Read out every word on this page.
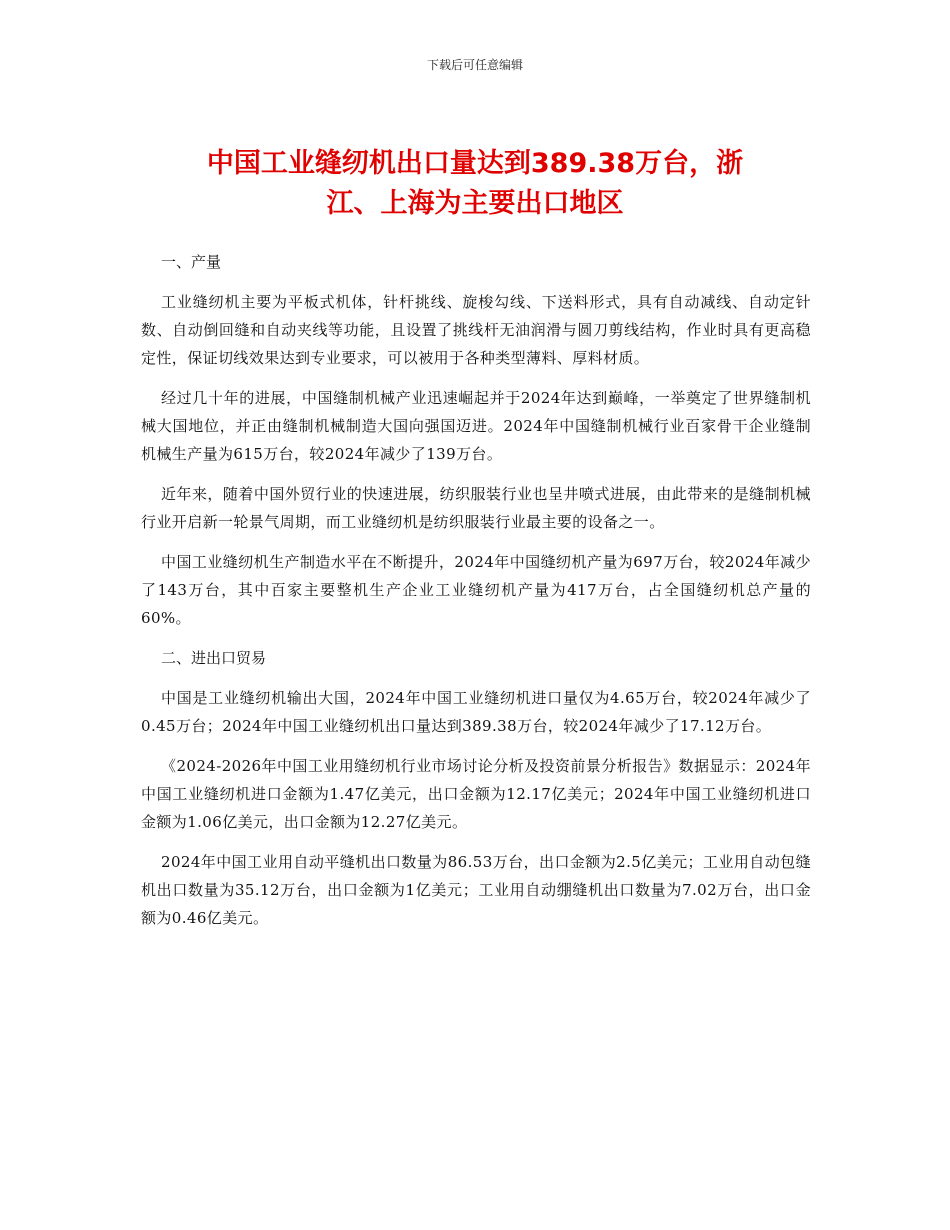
下载后可任意编辑
中国工业缝纫机出口量达到389.38万台，浙
江、上海为主要出口地区

一、产量

工业缝纫机主要为平板式机体，针杆挑线、旋梭勾线、下送料形式，具有自动减线、自动定针数、自动倒回缝和自动夹线等功能，且设置了挑线杆无油润滑与圆刀剪线结构，作业时具有更高稳定性，保证切线效果达到专业要求，可以被用于各种类型薄料、厚料材质。

经过几十年的进展，中国缝制机械产业迅速崛起并于2024年达到巅峰，一举奠定了世界缝制机械大国地位，并正由缝制机械制造大国向强国迈进。2024年中国缝制机械行业百家骨干企业缝制机械生产量为615万台，较2024年减少了139万台。

近年来，随着中国外贸行业的快速进展，纺织服装行业也呈井喷式进展，由此带来的是缝制机械行业开启新一轮景气周期，而工业缝纫机是纺织服装行业最主要的设备之一。

中国工业缝纫机生产制造水平在不断提升，2024年中国缝纫机产量为697万台，较2024年减少了143万台，其中百家主要整机生产企业工业缝纫机产量为417万台，占全国缝纫机总产量的60%。

二、进出口贸易

中国是工业缝纫机输出大国，2024年中国工业缝纫机进口量仅为4.65万台，较2024年减少了0.45万台；2024年中国工业缝纫机出口量达到389.38万台，较2024年减少了17.12万台。

《2024-2026年中国工业用缝纫机行业市场讨论分析及投资前景分析报告》数据显示：2024年中国工业缝纫机进口金额为1.47亿美元，出口金额为12.17亿美元；2024年中国工业缝纫机进口金额为1.06亿美元，出口金额为12.27亿美元。

2024年中国工业用自动平缝机出口数量为86.53万台，出口金额为2.5亿美元；工业用自动包缝机出口数量为35.12万台，出口金额为1亿美元；工业用自动绷缝机出口数量为7.02万台，出口金额为0.46亿美元。
